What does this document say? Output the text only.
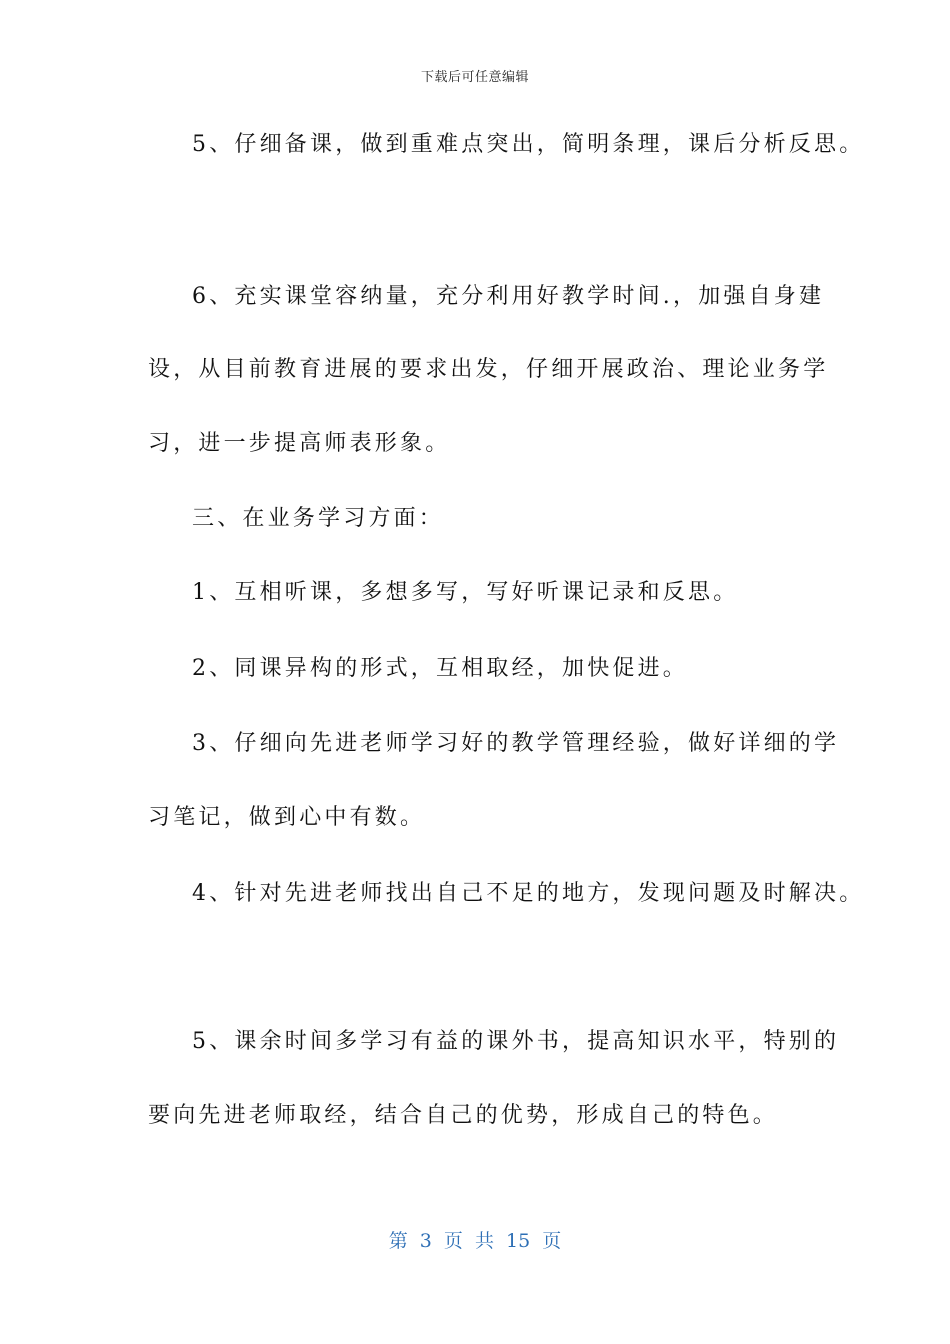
下载后可任意编辑
5、仔细备课，做到重难点突出，简明条理，课后分析反思。
6、充实课堂容纳量，充分利用好教学时间.，加强自身建
设，从目前教育进展的要求出发，仔细开展政治、理论业务学
习，进一步提高师表形象。
三、在业务学习方面：
1、互相听课，多想多写，写好听课记录和反思。
2、同课异构的形式，互相取经，加快促进。
3、仔细向先进老师学习好的教学管理经验，做好详细的学
习笔记，做到心中有数。
4、针对先进老师找出自己不足的地方，发现问题及时解决。
5、课余时间多学习有益的课外书，提高知识水平，特别的
要向先进老师取经，结合自己的优势，形成自己的特色。
第 3 页 共 15 页
